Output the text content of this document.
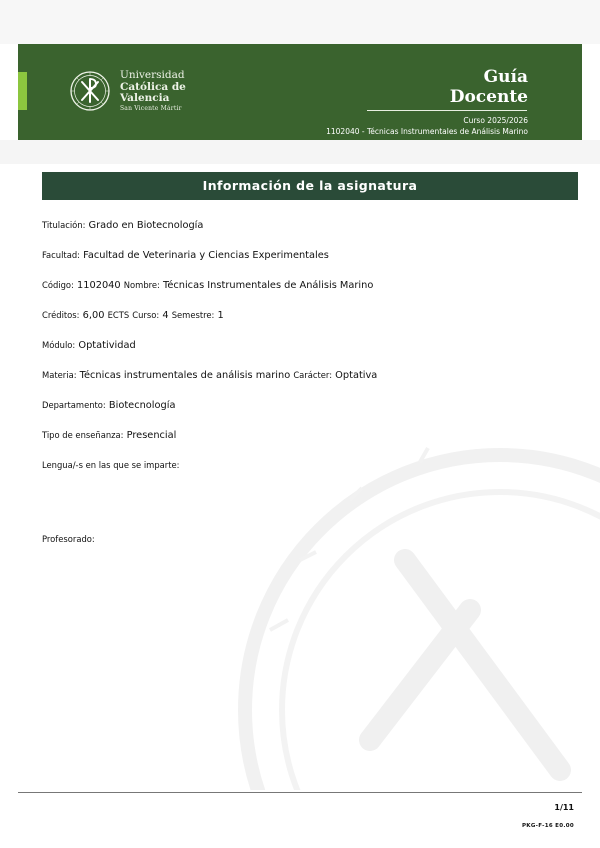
Universidad
Católica de
Valencia
San Vicente Mártir
Guía
Docente
Curso 2025/2026
1102040 - Técnicas Instrumentales de Análisis Marino
Información de la asignatura
Titulación: Grado en Biotecnología
Facultad: Facultad de Veterinaria y Ciencias Experimentales
Código: 1102040 Nombre: Técnicas Instrumentales de Análisis Marino
Créditos: 6,00 ECTS Curso: 4 Semestre: 1
Módulo: Optatividad
Materia: Técnicas instrumentales de análisis marino Carácter: Optativa
Departamento: Biotecnología
Tipo de enseñanza: Presencial
Lengua/-s en las que se imparte:
Profesorado:
1/11
PKG-F-16 E0.00
